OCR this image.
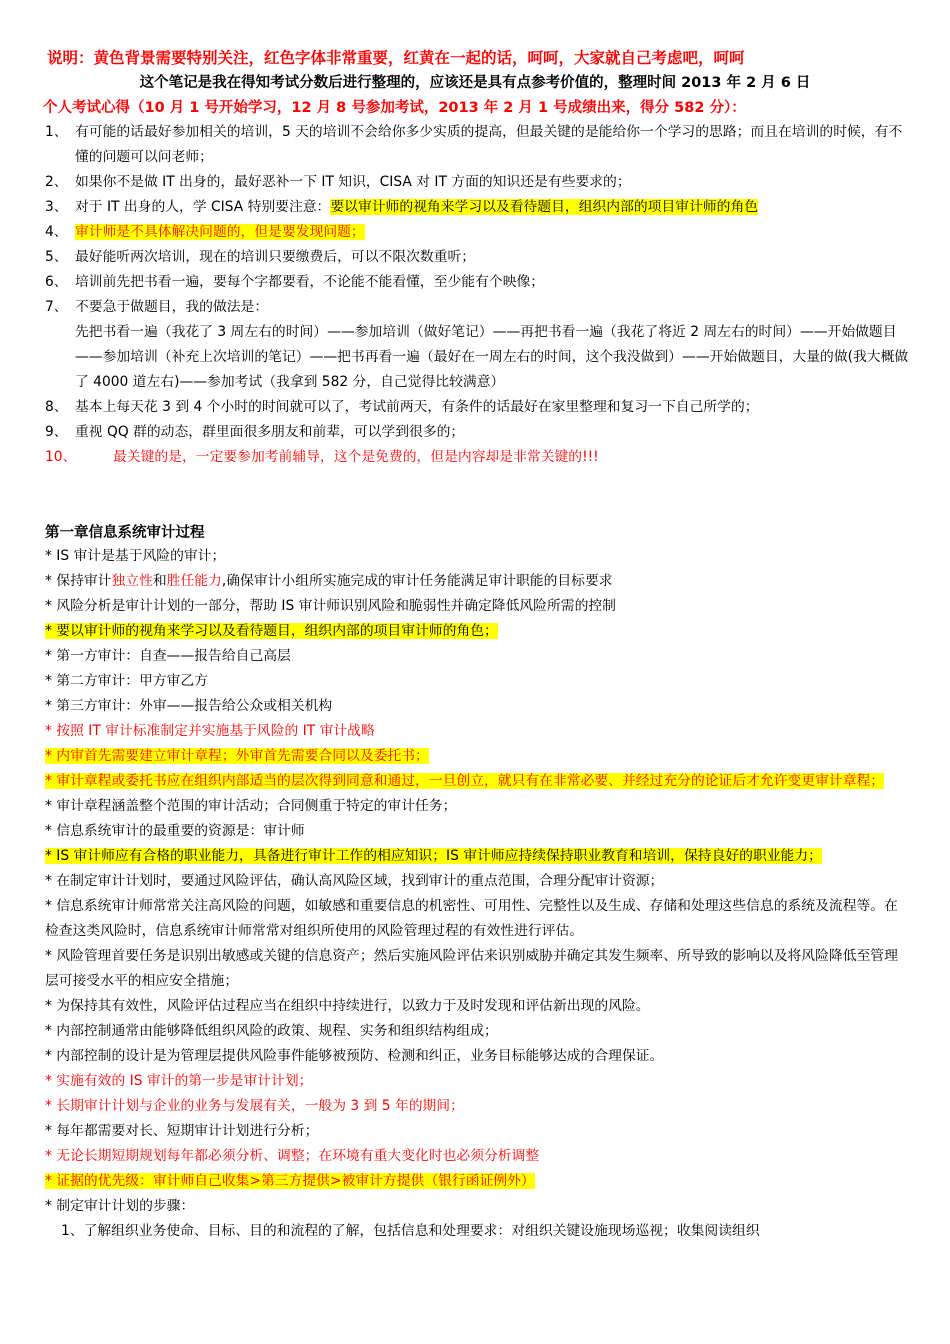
说明：黄色背景需要特别关注，红色字体非常重要，红黄在一起的话，呵呵，大家就自己考虑吧，呵呵
这个笔记是我在得知考试分数后进行整理的，应该还是具有点参考价值的，整理时间 2013 年 2 月 6 日
个人考试心得（10 月 1 号开始学习，12 月 8 号参加考试，2013 年 2 月 1 号成绩出来，得分 582 分）：
1、 有可能的话最好参加相关的培训，5 天的培训不会给你多少实质的提高，但最关键的是能给你一个学习的思路；而且在培训的时候，有不懂的问题可以问老师；
2、 如果你不是做 IT 出身的，最好恶补一下 IT 知识，CISA 对 IT 方面的知识还是有些要求的；
3、 对于 IT 出身的人，学 CISA 特别要注意：要以审计师的视角来学习以及看待题目，组织内部的项目审计师的角色
4、 审计师是不具体解决问题的，但是要发现问题；
5、 最好能听两次培训，现在的培训只要缴费后，可以不限次数重听；
6、 培训前先把书看一遍，要每个字都要看，不论能不能看懂，至少能有个映像；
7、 不要急于做题目，我的做法是：
先把书看一遍（我花了 3 周左右的时间）——参加培训（做好笔记）——再把书看一遍（我花了将近 2 周左右的时间）——开始做题目——参加培训（补充上次培训的笔记）——把书再看一遍（最好在一周左右的时间，这个我没做到）——开始做题目，大量的做(我大概做了 4000 道左右)——参加考试（我拿到 582 分，自己觉得比较满意）
8、 基本上每天花 3 到 4 个小时的时间就可以了，考试前两天，有条件的话最好在家里整理和复习一下自己所学的；
9、 重视 QQ 群的动态，群里面很多朋友和前辈，可以学到很多的；
10、	最关键的是，一定要参加考前辅导，这个是免费的，但是内容却是非常关键的!!!
第一章信息系统审计过程
* IS 审计是基于风险的审计；
* 保持审计独立性和胜任能力,确保审计小组所实施完成的审计任务能满足审计职能的目标要求
* 风险分析是审计计划的一部分，帮助 IS 审计师识别风险和脆弱性并确定降低风险所需的控制
* 要以审计师的视角来学习以及看待题目，组织内部的项目审计师的角色；
* 第一方审计：自查——报告给自己高层
* 第二方审计：甲方审乙方
* 第三方审计：外审——报告给公众或相关机构
* 按照 IT 审计标准制定并实施基于风险的 IT 审计战略
* 内审首先需要建立审计章程；外审首先需要合同以及委托书；
* 审计章程或委托书应在组织内部适当的层次得到同意和通过，一旦创立，就只有在非常必要、并经过充分的论证后才允许变更审计章程；
* 审计章程涵盖整个范围的审计活动；合同侧重于特定的审计任务；
* 信息系统审计的最重要的资源是：审计师
* IS 审计师应有合格的职业能力，具备进行审计工作的相应知识；IS 审计师应持续保持职业教育和培训，保持良好的职业能力；
* 在制定审计计划时，要通过风险评估，确认高风险区域，找到审计的重点范围，合理分配审计资源；
* 信息系统审计师常常关注高风险的问题，如敏感和重要信息的机密性、可用性、完整性以及生成、存储和处理这些信息的系统及流程等。在检查这类风险时，信息系统审计师常常对组织所使用的风险管理过程的有效性进行评估。
* 风险管理首要任务是识别出敏感或关键的信息资产；然后实施风险评估来识别威胁并确定其发生频率、所导致的影响以及将风险降低至管理层可接受水平的相应安全措施；
* 为保持其有效性，风险评估过程应当在组织中持续进行，以致力于及时发现和评估新出现的风险。
* 内部控制通常由能够降低组织风险的政策、规程、实务和组织结构组成；
* 内部控制的设计是为管理层提供风险事件能够被预防、检测和纠正，业务目标能够达成的合理保证。
* 实施有效的 IS 审计的第一步是审计计划；
* 长期审计计划与企业的业务与发展有关，一般为 3 到 5 年的期间；
* 每年都需要对长、短期审计计划进行分析；
* 无论长期短期规划每年都必须分析、调整；在环境有重大变化时也必须分析调整
* 证据的优先级：审计师自己收集>第三方提供>被审计方提供（银行函证例外）
* 制定审计计划的步骤：
1、了解组织业务使命、目标、目的和流程的了解，包括信息和处理要求：对组织关键设施现场巡视；收集阅读组织
